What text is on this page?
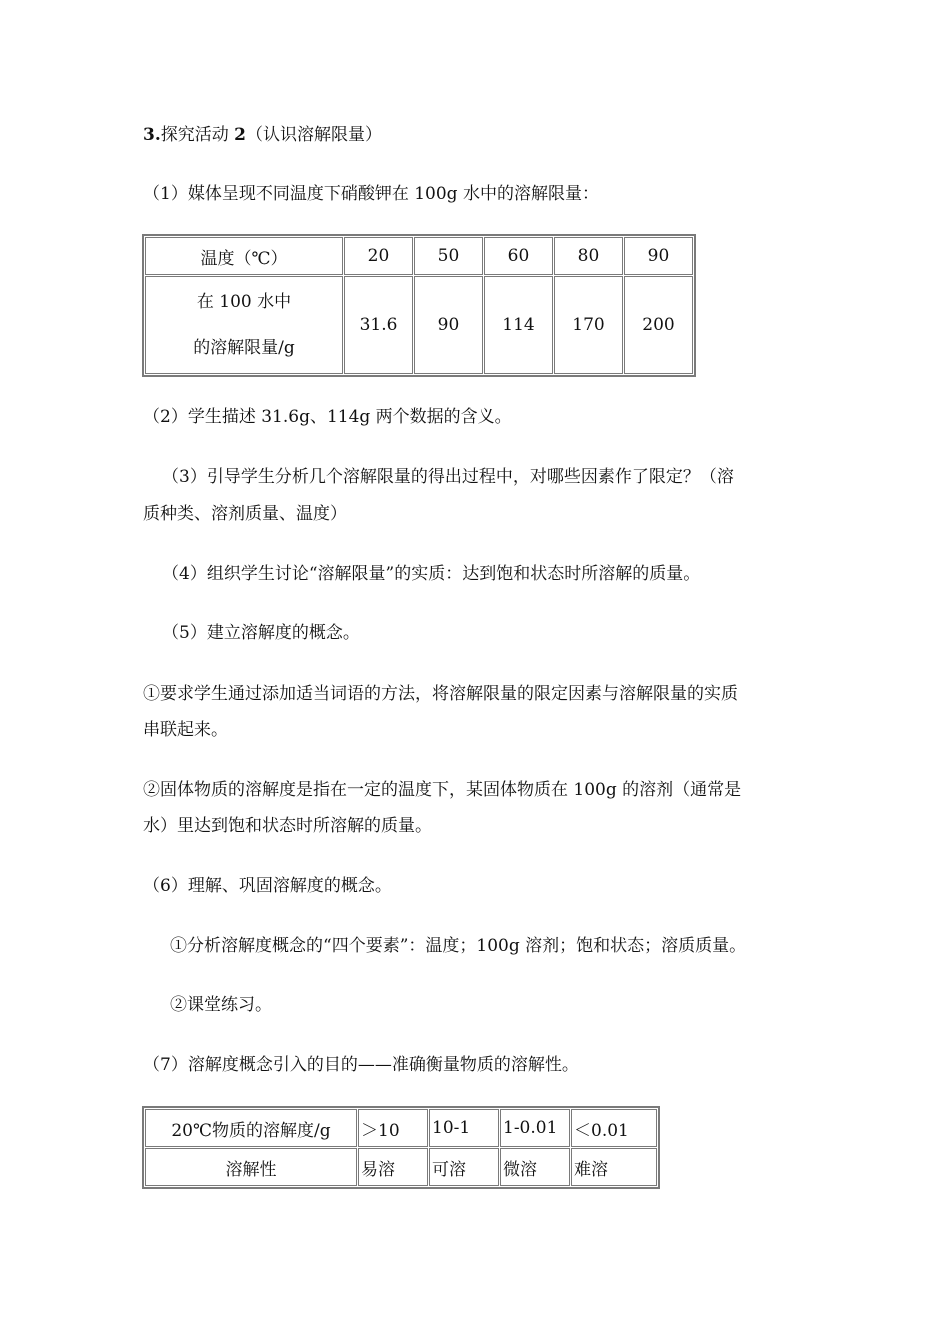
3.探究活动 2（认识溶解限量）
（1）媒体呈现不同温度下硝酸钾在 100g 水中的溶解限量：
温度（℃）	20	50	60	80	90

在 100 水中
的溶解限量/g	31.6	90	114	170	200
（2）学生描述 31.6g、114g 两个数据的含义。
（3）引导学生分析几个溶解限量的得出过程中，对哪些因素作了限定？（溶
质种类、溶剂质量、温度）
（4）组织学生讨论“溶解限量”的实质：达到饱和状态时所溶解的质量。
（5）建立溶解度的概念。
①要求学生通过添加适当词语的方法，将溶解限量的限定因素与溶解限量的实质
串联起来。
②固体物质的溶解度是指在一定的温度下，某固体物质在 100g 的溶剂（通常是
水）里达到饱和状态时所溶解的质量。
（6）理解、巩固溶解度的概念。
①分析溶解度概念的“四个要素”：温度；100g 溶剂；饱和状态；溶质质量。
②课堂练习。
（7）溶解度概念引入的目的——准确衡量物质的溶解性。
20℃物质的溶解度/g	＞10	10-1	1-0.01	＜0.01
溶解性	易溶	可溶	微溶	难溶
